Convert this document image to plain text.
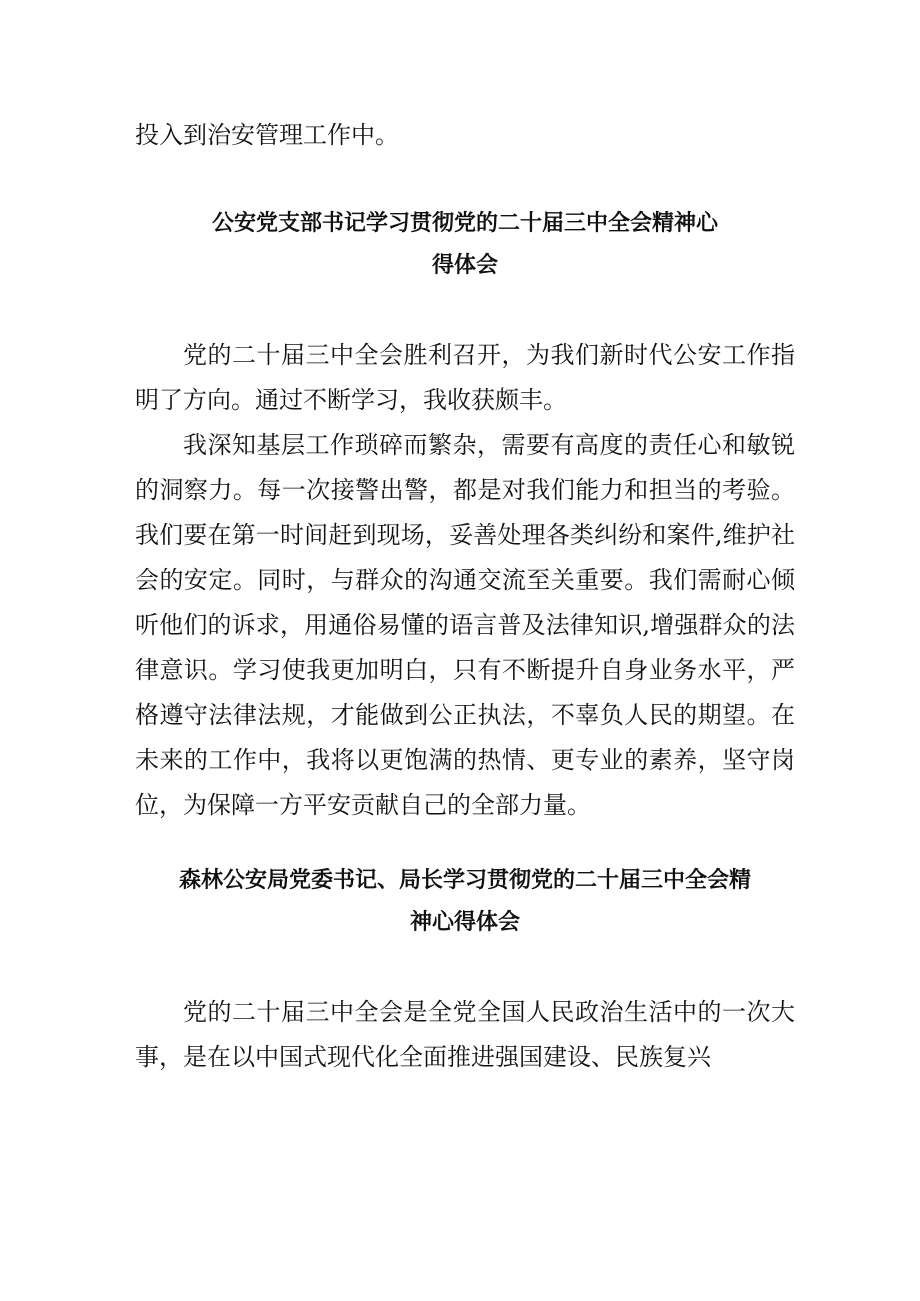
投入到治安管理工作中。

公安党支部书记学习贯彻党的二十届三中全会精神心
得体会

党的二十届三中全会胜利召开，为我们新时代公安工作指明了方向。通过不断学习，我收获颇丰。

我深知基层工作琐碎而繁杂，需要有高度的责任心和敏锐的洞察力。每一次接警出警，都是对我们能力和担当的考验。我们要在第一时间赶到现场，妥善处理各类纠纷和案件,维护社会的安定。同时，与群众的沟通交流至关重要。我们需耐心倾听他们的诉求，用通俗易懂的语言普及法律知识,增强群众的法律意识。学习使我更加明白，只有不断提升自身业务水平，严格遵守法律法规，才能做到公正执法，不辜负人民的期望。在未来的工作中，我将以更饱满的热情、更专业的素养，坚守岗位，为保障一方平安贡献自己的全部力量。

森林公安局党委书记、局长学习贯彻党的二十届三中全会精
神心得体会

党的二十届三中全会是全党全国人民政治生活中的一次大事，是在以中国式现代化全面推进强国建设、民族复兴
